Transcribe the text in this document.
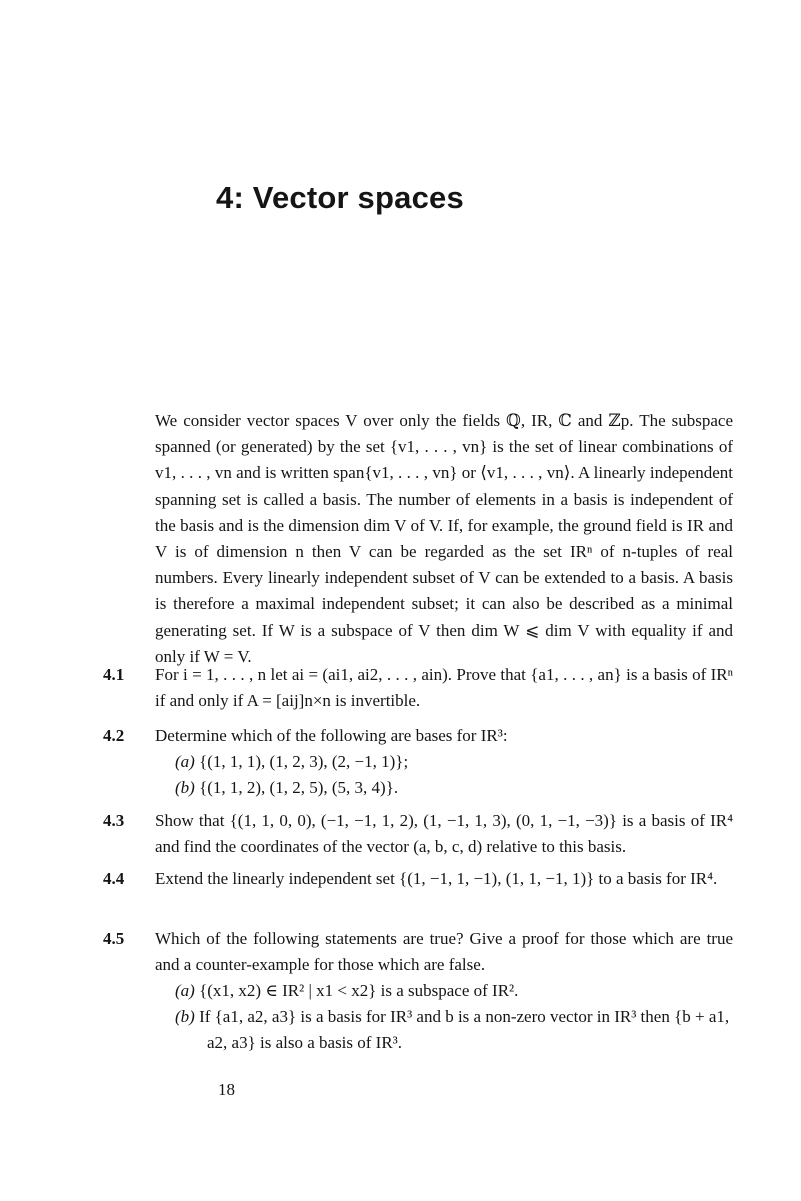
4: Vector spaces

We consider vector spaces V over only the fields ℚ, IR, ℂ and ℤp. The subspace spanned (or generated) by the set {v1, . . . , vn} is the set of linear combinations of v1, . . . , vn and is written span{v1, . . . , vn} or ⟨v1, . . . , vn⟩. A linearly independent spanning set is called a basis. The number of elements in a basis is independent of the basis and is the dimension dim V of V. If, for example, the ground field is IR and V is of dimension n then V can be regarded as the set IRⁿ of n-tuples of real numbers. Every linearly independent subset of V can be extended to a basis. A basis is therefore a maximal independent subset; it can also be described as a minimal generating set. If W is a subspace of V then dim W ⩽ dim V with equality if and only if W = V.

4.1	For i = 1, . . . , n let ai = (ai1, ai2, . . . , ain). Prove that {a1, . . . , an} is a basis of IRⁿ if and only if A = [aij]n×n is invertible.
4.2	Determine which of the following are bases for IR³:
(a) {(1, 1, 1), (1, 2, 3), (2, −1, 1)};
(b) {(1, 1, 2), (1, 2, 5), (5, 3, 4)}.
4.3	Show that {(1, 1, 0, 0), (−1, −1, 1, 2), (1, −1, 1, 3), (0, 1, −1, −3)} is a basis of IR⁴ and find the coordinates of the vector (a, b, c, d) relative to this basis.
4.4	Extend the linearly independent set {(1, −1, 1, −1), (1, 1, −1, 1)} to a basis for IR⁴.
4.5	Which of the following statements are true? Give a proof for those which are true and a counter-example for those which are false.
(a) {(x1, x2) ∈ IR² | x1 < x2} is a subspace of IR².
(b) If {a1, a2, a3} is a basis for IR³ and b is a non-zero vector in IR³ then {b + a1, a2, a3} is also a basis of IR³.
18
